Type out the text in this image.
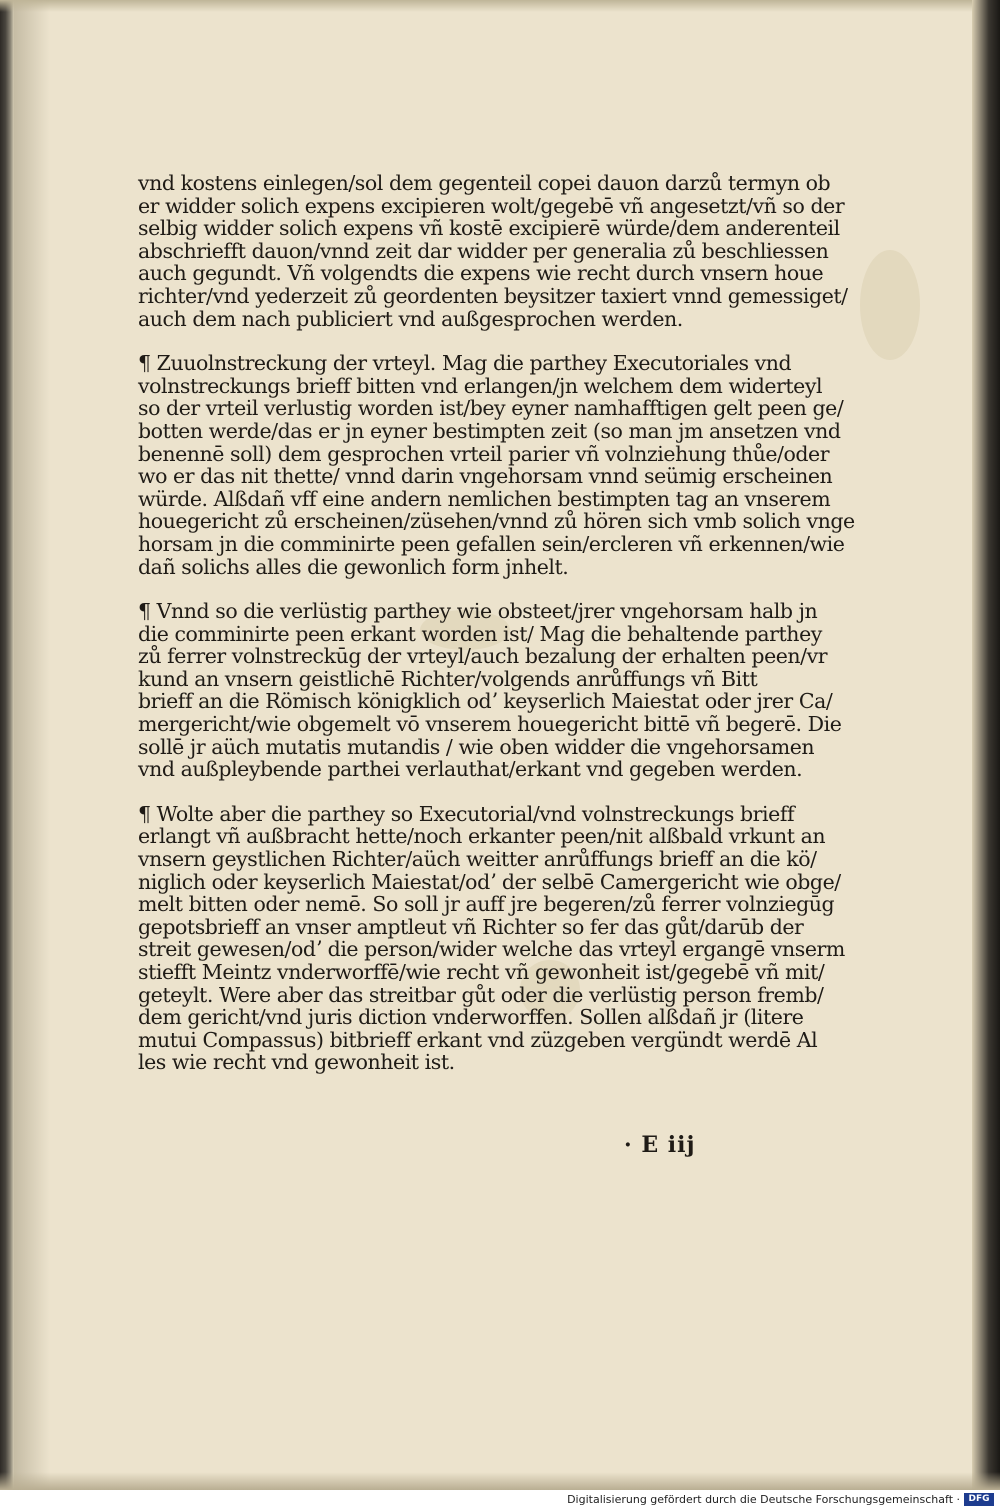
vnd kostens einlegen/sol dem gegenteil copei dauon darzů termyn ob
er widder solich expens excipieren wolt/gegebē vñ angesetzt/vñ so der
selbig widder solich expens vñ kostē excipierē würde/dem anderenteil
abschriefft dauon/vnnd zeit dar widder per generalia zů beschliessen
auch gegundt. Vñ volgendts die expens wie recht durch vnsern houe
richter/vnd yederzeit zů geordenten beysitzer taxiert vnnd gemessiget/
auch dem nach publiciert vnd außgesprochen werden.
¶ Zuuolnstreckung der vrteyl. Mag die parthey Executoriales vnd
volnstreckungs brieff bitten vnd erlangen/jn welchem dem widerteyl
so der vrteil verlustig worden ist/bey eyner namhafftigen gelt peen ge/
botten werde/das er jn eyner bestimpten zeit (so man jm ansetzen vnd
benennē soll) dem gesprochen vrteil parier vñ volnziehung thůe/oder
wo er das nit thette/ vnnd darin vngehorsam vnnd seümig erscheinen
würde. Alßdañ vff eine andern nemlichen bestimpten tag an vnserem
houegericht zů erscheinen/züsehen/vnnd zů hören sich vmb solich vnge
horsam jn die comminirte peen gefallen sein/ercleren vñ erkennen/wie
dañ solichs alles die gewonlich form jnhelt.
¶ Vnnd so die verlüstig parthey wie obsteet/jrer vngehorsam halb jn
die comminirte peen erkant worden ist/ Mag die behaltende parthey
zů ferrer volnstreckūg der vrteyl/auch bezalung der erhalten peen/vr
kund an vnsern geistlichē Richter/volgends anrůffungs vñ Bitt
brieff an die Römisch königklich odʼ keyserlich Maiestat oder jrer Ca/
mergericht/wie obgemelt vō vnserem houegericht bittē vñ begerē. Die
sollē jr aüch mutatis mutandis / wie oben widder die vngehorsamen
vnd außpleybende parthei verlauthat/erkant vnd gegeben werden.
¶ Wolte aber die parthey so Executorial/vnd volnstreckungs brieff
erlangt vñ außbracht hette/noch erkanter peen/nit alßbald vrkunt an
vnsern geystlichen Richter/aüch weitter anrůffungs brieff an die kö/
niglich oder keyserlich Maiestat/odʼ der selbē Camergericht wie obge/
melt bitten oder nemē. So soll jr auff jre begeren/zů ferrer volnziegūg
gepotsbrieff an vnser amptleut vñ Richter so fer das gůt/darūb der
streit gewesen/odʼ die person/wider welche das vrteyl ergangē vnserm
stiefft Meintz vnderworffē/wie recht vñ gewonheit ist/gegebē vñ mit/
geteylt. Were aber das streitbar gůt oder die verlüstig person fremb/
dem gericht/vnd juris diction vnderworffen. Sollen alßdañ jr (litere
mutui Compassus) bitbrieff erkant vnd züzgeben vergündt werdē Al
les wie recht vnd gewonheit ist.
· E iij
Digitalisierung gefördert durch die Deutsche Forschungsgemeinschaft · DFG
